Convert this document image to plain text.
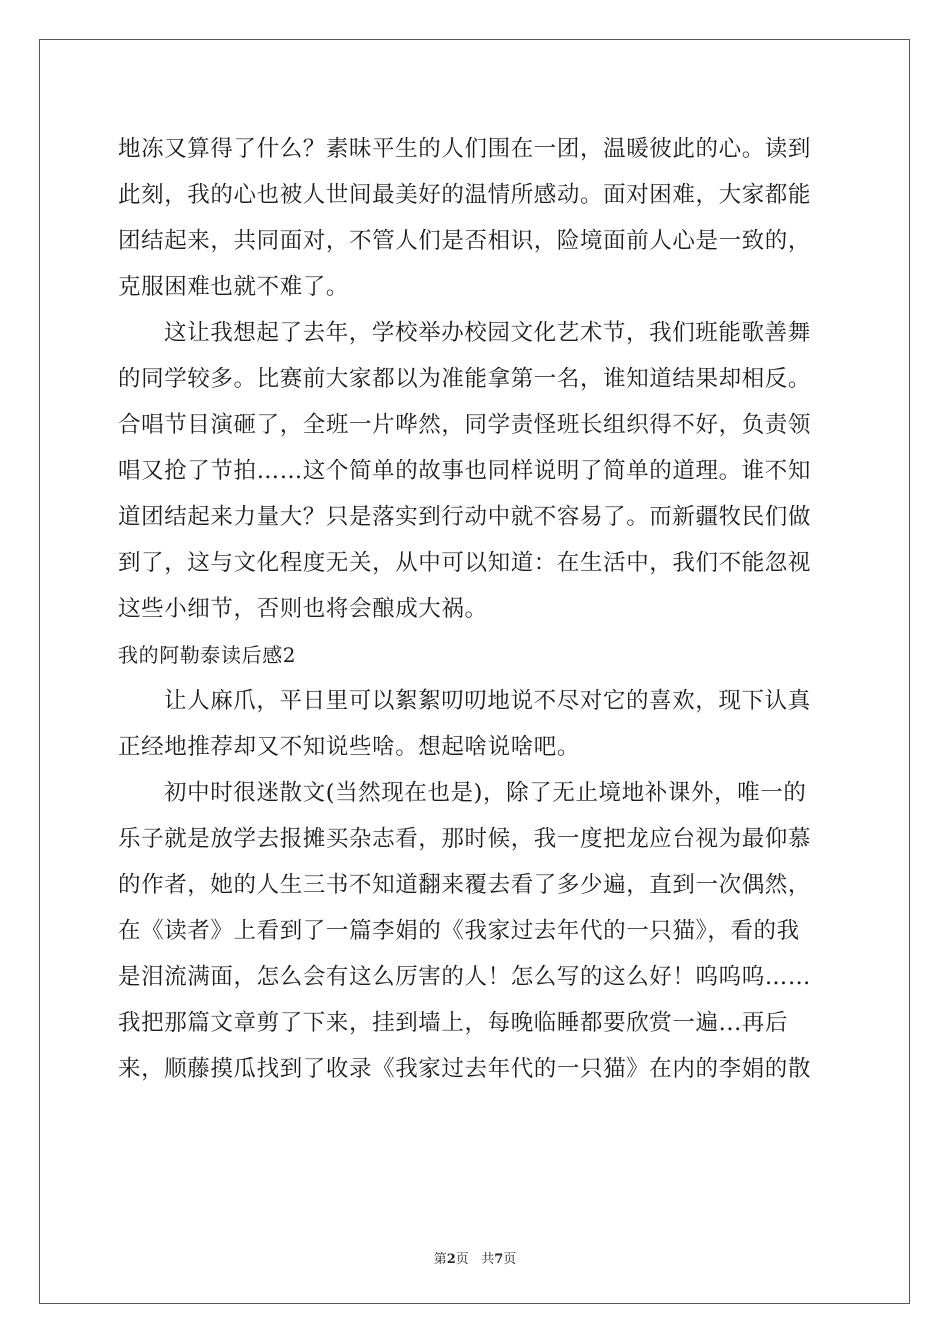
地冻又算得了什么？素昧平生的人们围在一团，温暖彼此的心。读到
此刻，我的心也被人世间最美好的温情所感动。面对困难，大家都能
团结起来，共同面对，不管人们是否相识，险境面前人心是一致的，
克服困难也就不难了。
这让我想起了去年，学校举办校园文化艺术节，我们班能歌善舞
的同学较多。比赛前大家都以为准能拿第一名，谁知道结果却相反。
合唱节目演砸了，全班一片哗然，同学责怪班长组织得不好，负责领
唱又抢了节拍……这个简单的故事也同样说明了简单的道理。谁不知
道团结起来力量大？只是落实到行动中就不容易了。而新疆牧民们做
到了，这与文化程度无关，从中可以知道：在生活中，我们不能忽视
这些小细节，否则也将会酿成大祸。
我的阿勒泰读后感2
让人麻爪，平日里可以絮絮叨叨地说不尽对它的喜欢，现下认真
正经地推荐却又不知说些啥。想起啥说啥吧。
初中时很迷散文(当然现在也是)，除了无止境地补课外，唯一的
乐子就是放学去报摊买杂志看，那时候，我一度把龙应台视为最仰慕
的作者，她的人生三书不知道翻来覆去看了多少遍，直到一次偶然，
在《读者》上看到了一篇李娟的《我家过去年代的一只猫》，看的我
是泪流满面，怎么会有这么厉害的人！怎么写的这么好！呜呜呜……
我把那篇文章剪了下来，挂到墙上，每晚临睡都要欣赏一遍...再后
来，顺藤摸瓜找到了收录《我家过去年代的一只猫》在内的李娟的散
第2页 共7页
